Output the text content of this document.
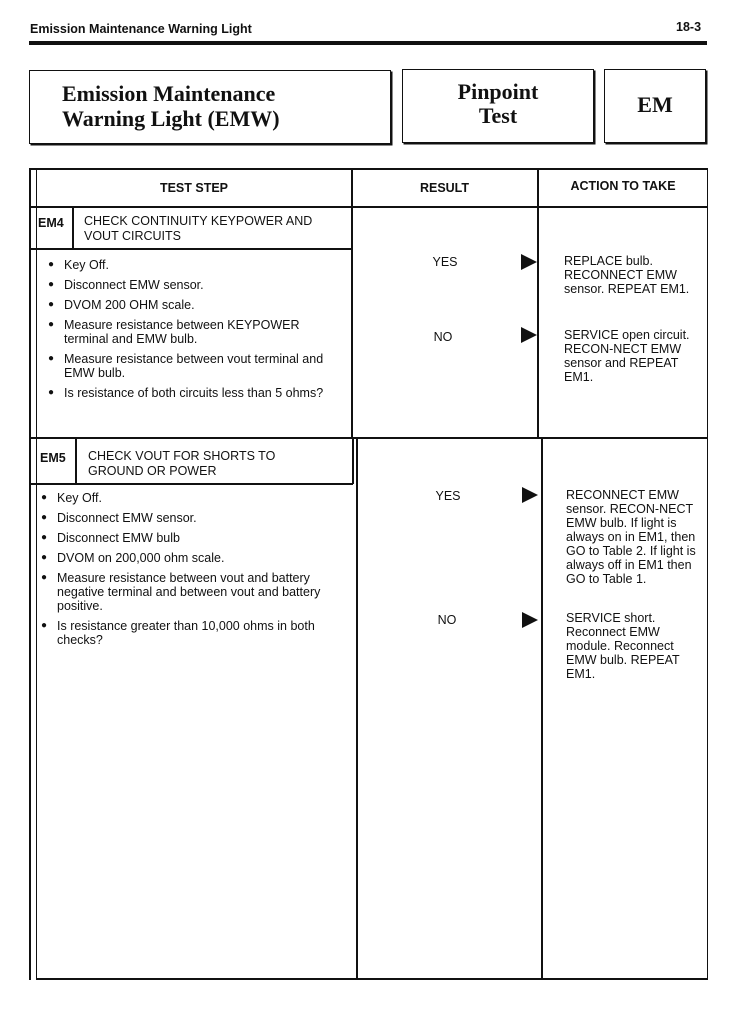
Emission Maintenance Warning Light	18-3
Emission Maintenance
Warning Light (EMW)
Pinpoint
Test	EM
TEST STEP	RESULT	ACTION TO TAKE
EM4 CHECK CONTINUITY KEYPOWER AND
VOUT CIRCUITS
● Key Off.
● Disconnect EMW sensor.
● DVOM 200 OHM scale.
● Measure resistance between KEYPOWER terminal and EMW bulb.
● Measure resistance between vout terminal and EMW bulb.
● Is resistance of both circuits less than 5 ohms?
YES	REPLACE bulb. RECONNECT EMW sensor. REPEAT EM1.
NO	SERVICE open circuit. RECON-NECT EMW sensor and REPEAT EM1.
EM5 CHECK VOUT FOR SHORTS TO
GROUND OR POWER
● Key Off.
● Disconnect EMW sensor.
● Disconnect EMW bulb
● DVOM on 200,000 ohm scale.
● Measure resistance between vout and battery negative terminal and between vout and battery positive.
● Is resistance greater than 10,000 ohms in both checks?
YES	RECONNECT EMW sensor. RECON-NECT EMW bulb. If light is always on in EM1, then GO to Table 2. If light is always off in EM1 then GO to Table 1.
NO	SERVICE short. Reconnect EMW module. Reconnect EMW bulb. REPEAT EM1.
